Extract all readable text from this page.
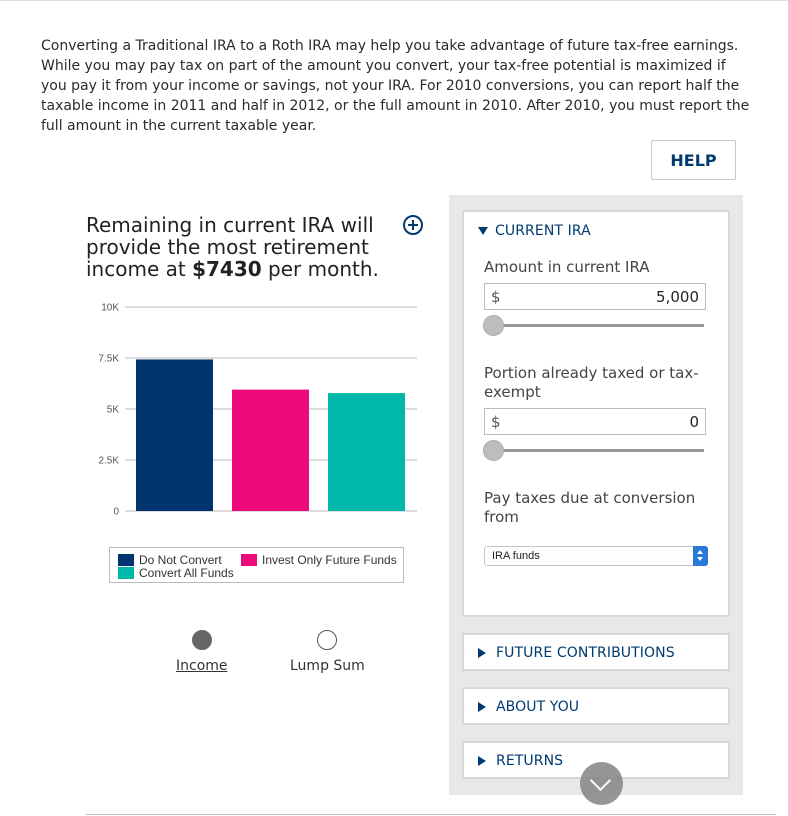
Converting a Traditional IRA to a Roth IRA may help you take advantage of future tax-free earnings. While you may pay tax on part of the amount you convert, your tax-free potential is maximized if you pay it from your income or savings, not your IRA. For 2010 conversions, you can report half the taxable income in 2011 and half in 2012, or the full amount in 2010. After 2010, you must report the full amount in the current taxable year.

HELP
Remaining in current IRA will provide the most retirement income at $7430 per month.
0
2.5K
5K
7.5K
10K
Do Not Convert	Invest Only Future Funds
Convert All Funds
Income	Lump Sum
CURRENT IRA
Amount in current IRA
$	5,000
Portion already taxed or tax-exempt
$	0
Pay taxes due at conversion from
IRA funds
FUTURE CONTRIBUTIONS
ABOUT YOU
RETURNS
